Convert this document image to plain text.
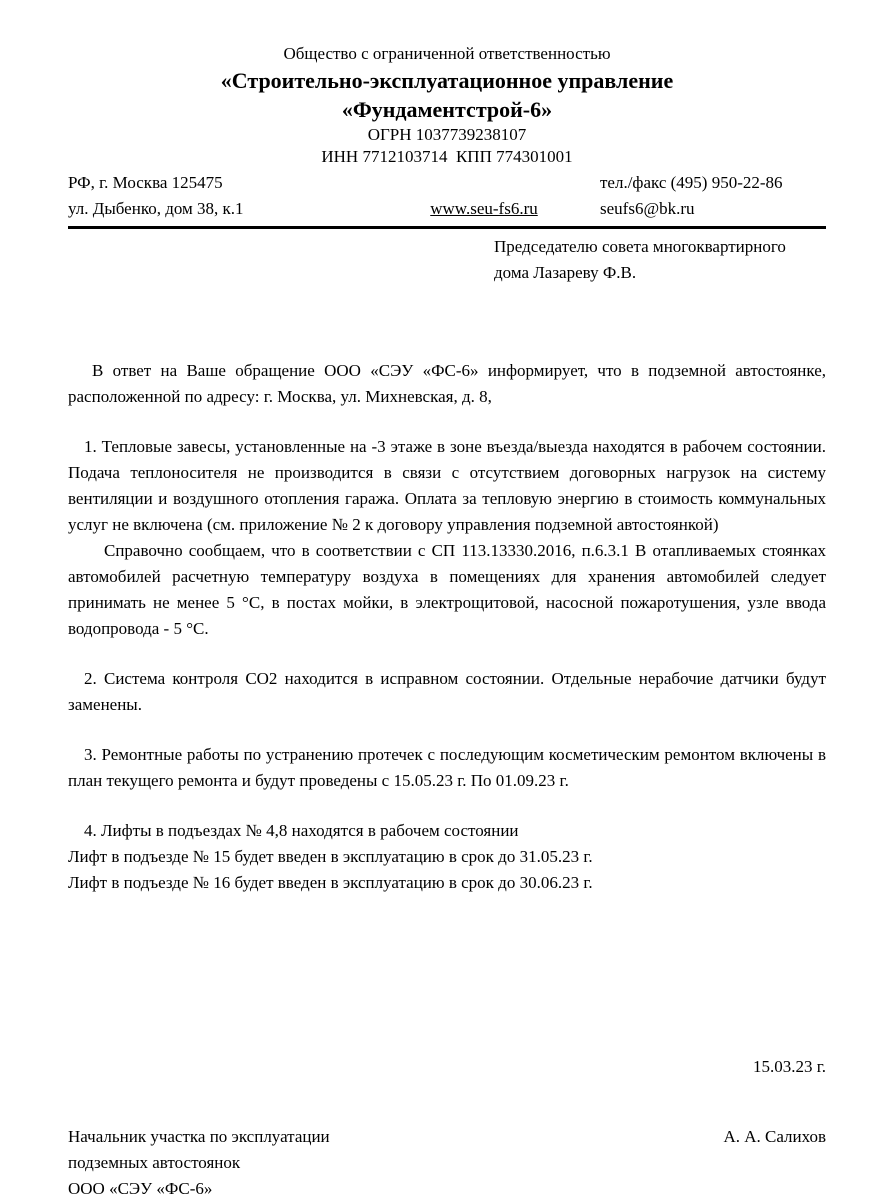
Общество с ограниченной ответственностью
«Строительно-эксплуатационное управление
«Фундаментстрой-6»
ОГРН 1037739238107
ИНН 7712103714  КПП 774301001
РФ, г. Москва 125475	тел./факс (495) 950-22-86
ул. Дыбенко, дом 38, к.1	www.seu-fs6.ru	seufs6@bk.ru
Председателю совета многоквартирного
дома Лазареву Ф.В.

В ответ на Ваше обращение ООО «СЭУ «ФС-6» информирует, что в подземной автостоянке, расположенной по адресу: г. Москва, ул. Михневская, д. 8,

1. Тепловые завесы, установленные на -3 этаже в зоне въезда/выезда находятся в рабочем состоянии. Подача теплоносителя не производится в связи с отсутствием договорных нагрузок на систему вентиляции и воздушного отопления гаража. Оплата за тепловую энергию в стоимость коммунальных услуг не включена (см. приложение № 2 к договору управления подземной автостоянкой)

Справочно сообщаем, что в соответствии с СП 113.13330.2016, п.6.3.1 В отапливаемых стоянках автомобилей расчетную температуру воздуха в помещениях для хранения автомобилей следует принимать не менее 5 °С, в постах мойки, в электрощитовой, насосной пожаротушения, узле ввода водопровода - 5 °С.

2. Система контроля СО2 находится в исправном состоянии. Отдельные нерабочие датчики будут заменены.

3. Ремонтные работы по устранению протечек с последующим косметическим ремонтом включены в план текущего ремонта и будут проведены с 15.05.23 г. По 01.09.23 г.

4. Лифты в подъездах № 4,8 находятся в рабочем состоянии

Лифт в подъезде № 15 будет введен в эксплуатацию в срок до 31.05.23 г.

Лифт в подъезде № 16 будет введен в эксплуатацию в срок до 30.06.23 г.

15.03.23 г.
Начальник участка по эксплуатации
подземных автостоянок
ООО «СЭУ «ФС-6»
А. А. Салихов
